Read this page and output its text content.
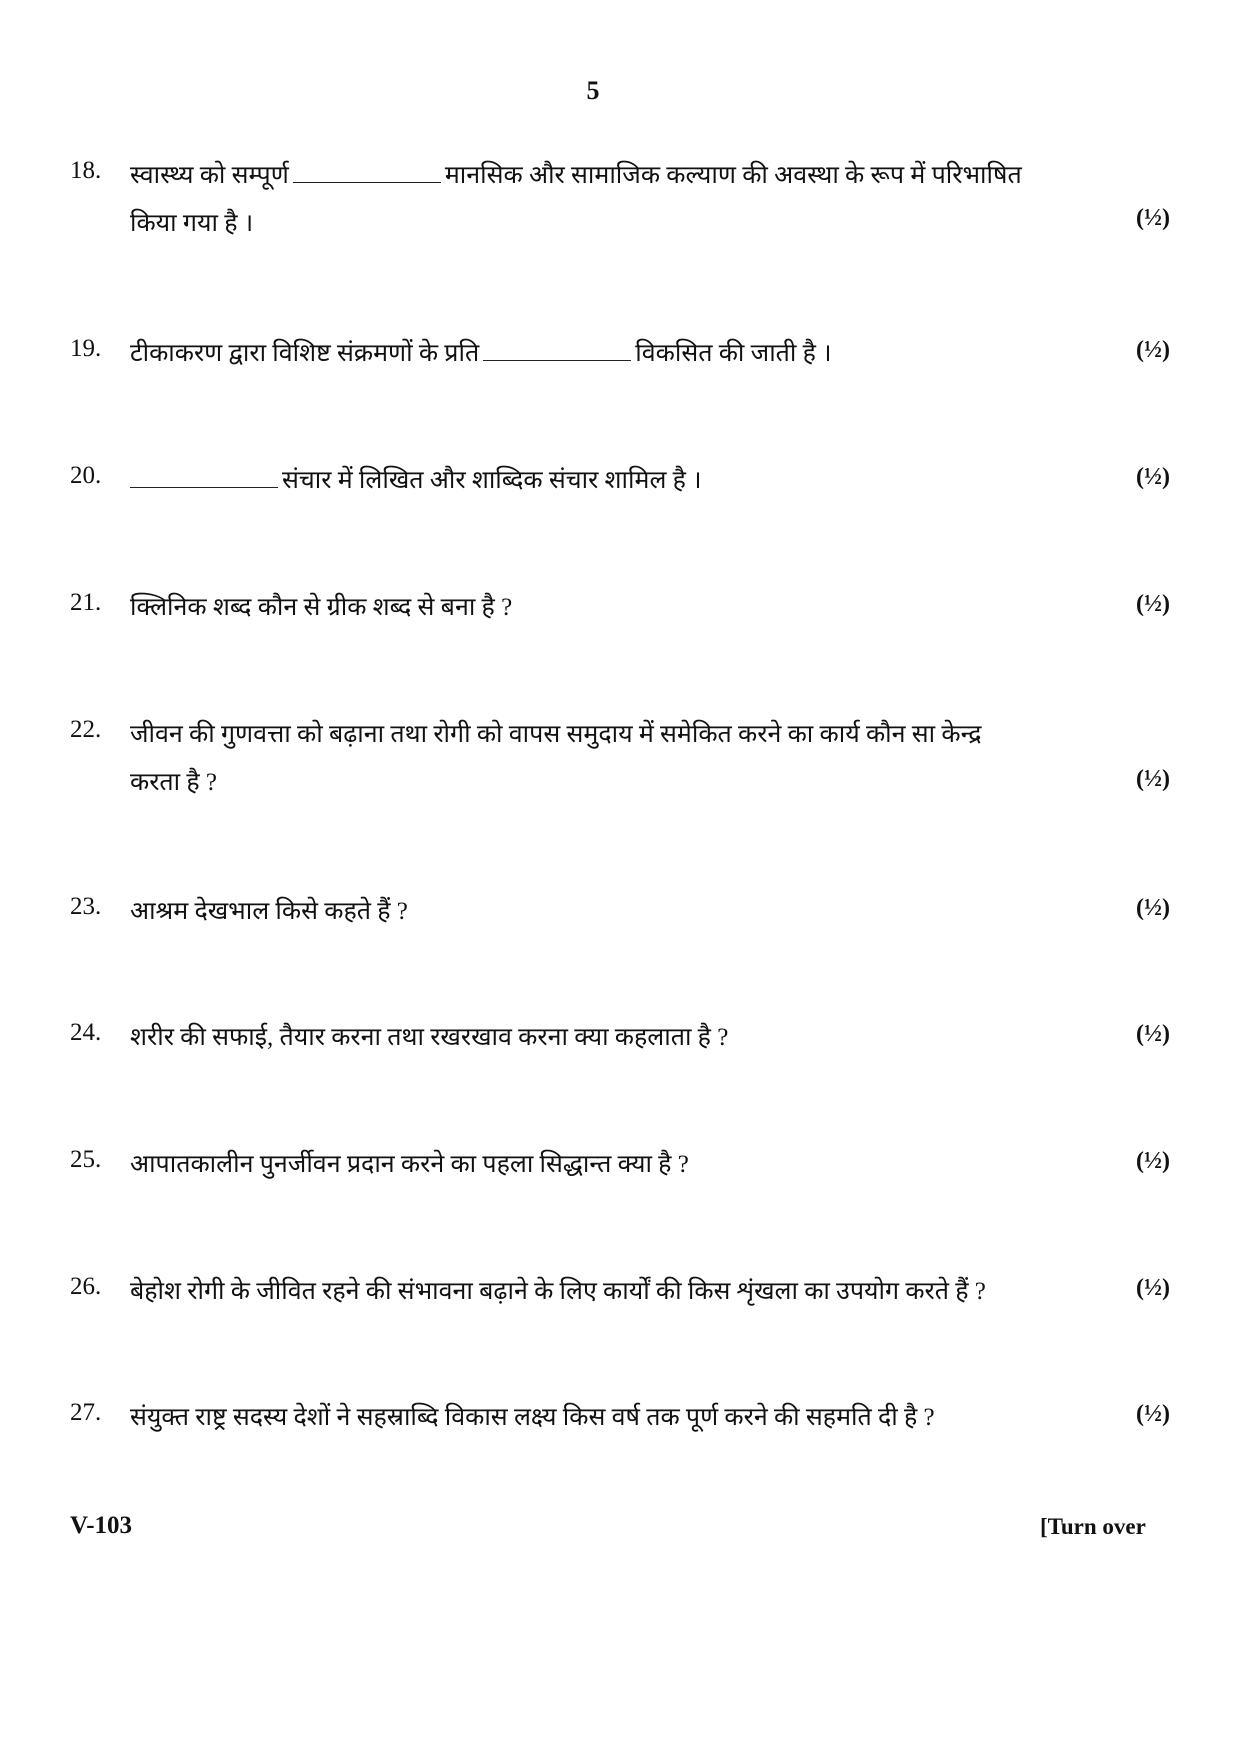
5
18. स्वास्थ्य को सम्पूर्ण	मानसिक और सामाजिक कल्याण की अवस्था के रूप में परिभाषित
किया गया है ।	(½)
19. टीकाकरण द्वारा विशिष्ट संक्रमणों के प्रति	विकसित की जाती है ।	(½)
20.	संचार में लिखित और शाब्दिक संचार शामिल है ।	(½)
21. क्लिनिक शब्द कौन से ग्रीक शब्द से बना है ?	(½)
22. जीवन की गुणवत्ता को बढ़ाना तथा रोगी को वापस समुदाय में समेकित करने का कार्य कौन सा केन्द्र
करता है ?	(½)
23. आश्रम देखभाल किसे कहते हैं ?	(½)
24. शरीर की सफाई, तैयार करना तथा रखरखाव करना क्या कहलाता है ?	(½)
25. आपातकालीन पुनर्जीवन प्रदान करने का पहला सिद्धान्त क्या है ?	(½)
26. बेहोश रोगी के जीवित रहने की संभावना बढ़ाने के लिए कार्यों की किस शृंखला का उपयोग करते हैं ?	(½)
27. संयुक्त राष्ट्र सदस्य देशों ने सहस्राब्दि विकास लक्ष्य किस वर्ष तक पूर्ण करने की सहमति दी है ?	(½)
V-103	[Turn over
